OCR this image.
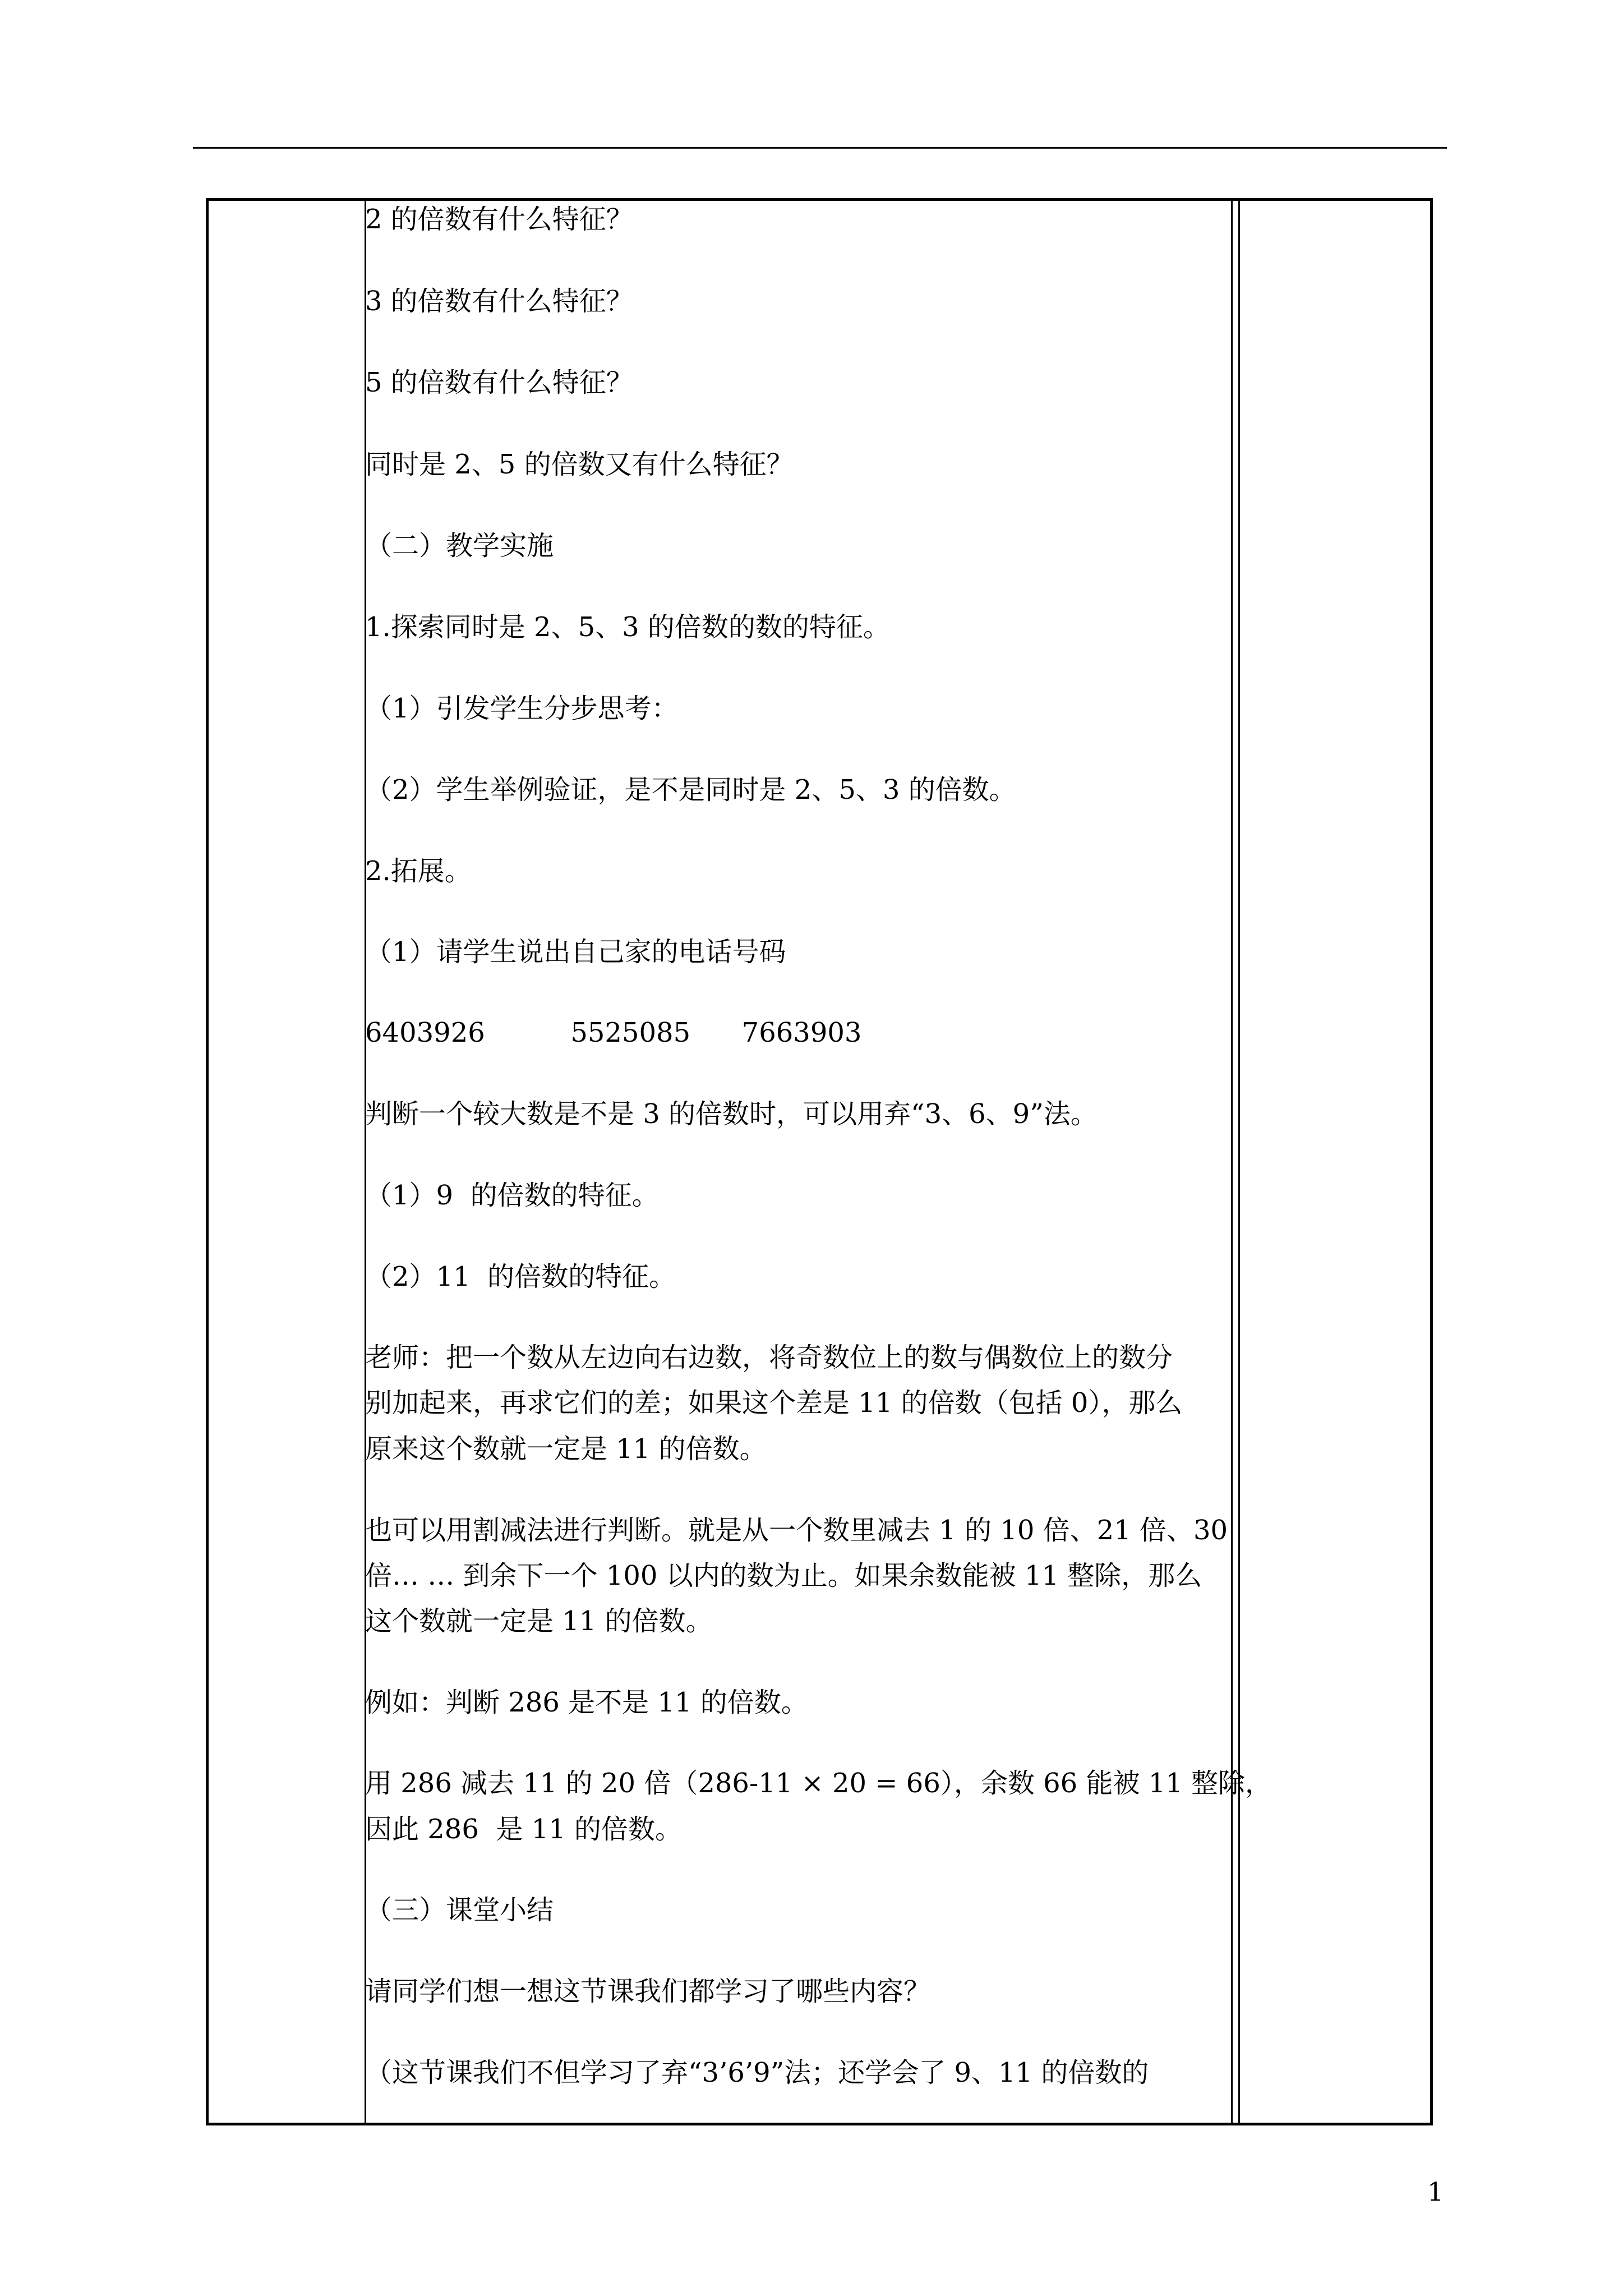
2 的倍数有什么特征？
3 的倍数有什么特征？
5 的倍数有什么特征？
同时是 2、5 的倍数又有什么特征？
（二）教学实施
1.探索同时是 2、5、3 的倍数的数的特征。
（1）引发学生分步思考：
（2）学生举例验证，是不是同时是 2、5、3 的倍数。
2.拓展。
（1）请学生说出自己家的电话号码
6403926          5525085      7663903
判断一个较大数是不是 3 的倍数时，可以用弃“3、6、9”法。
（1）9  的倍数的特征。
（2）11  的倍数的特征。
老师：把一个数从左边向右边数，将奇数位上的数与偶数位上的数分
别加起来，再求它们的差；如果这个差是 11 的倍数（包括 0），那么
原来这个数就一定是 11 的倍数。
也可以用割减法进行判断。就是从一个数里减去 1 的 10 倍、21 倍、30
倍… … 到余下一个 100 以内的数为止。如果余数能被 11 整除，那么
这个数就一定是 11 的倍数。
例如：判断 286 是不是 11 的倍数。
用 286 减去 11 的 20 倍（286-11 × 20 = 66），余数 66 能被 11 整除，
因此 286  是 11 的倍数。
（三）课堂小结
请同学们想一想这节课我们都学习了哪些内容？
（这节课我们不但学习了弃“3’6’9”法；还学会了 9、11 的倍数的
1
